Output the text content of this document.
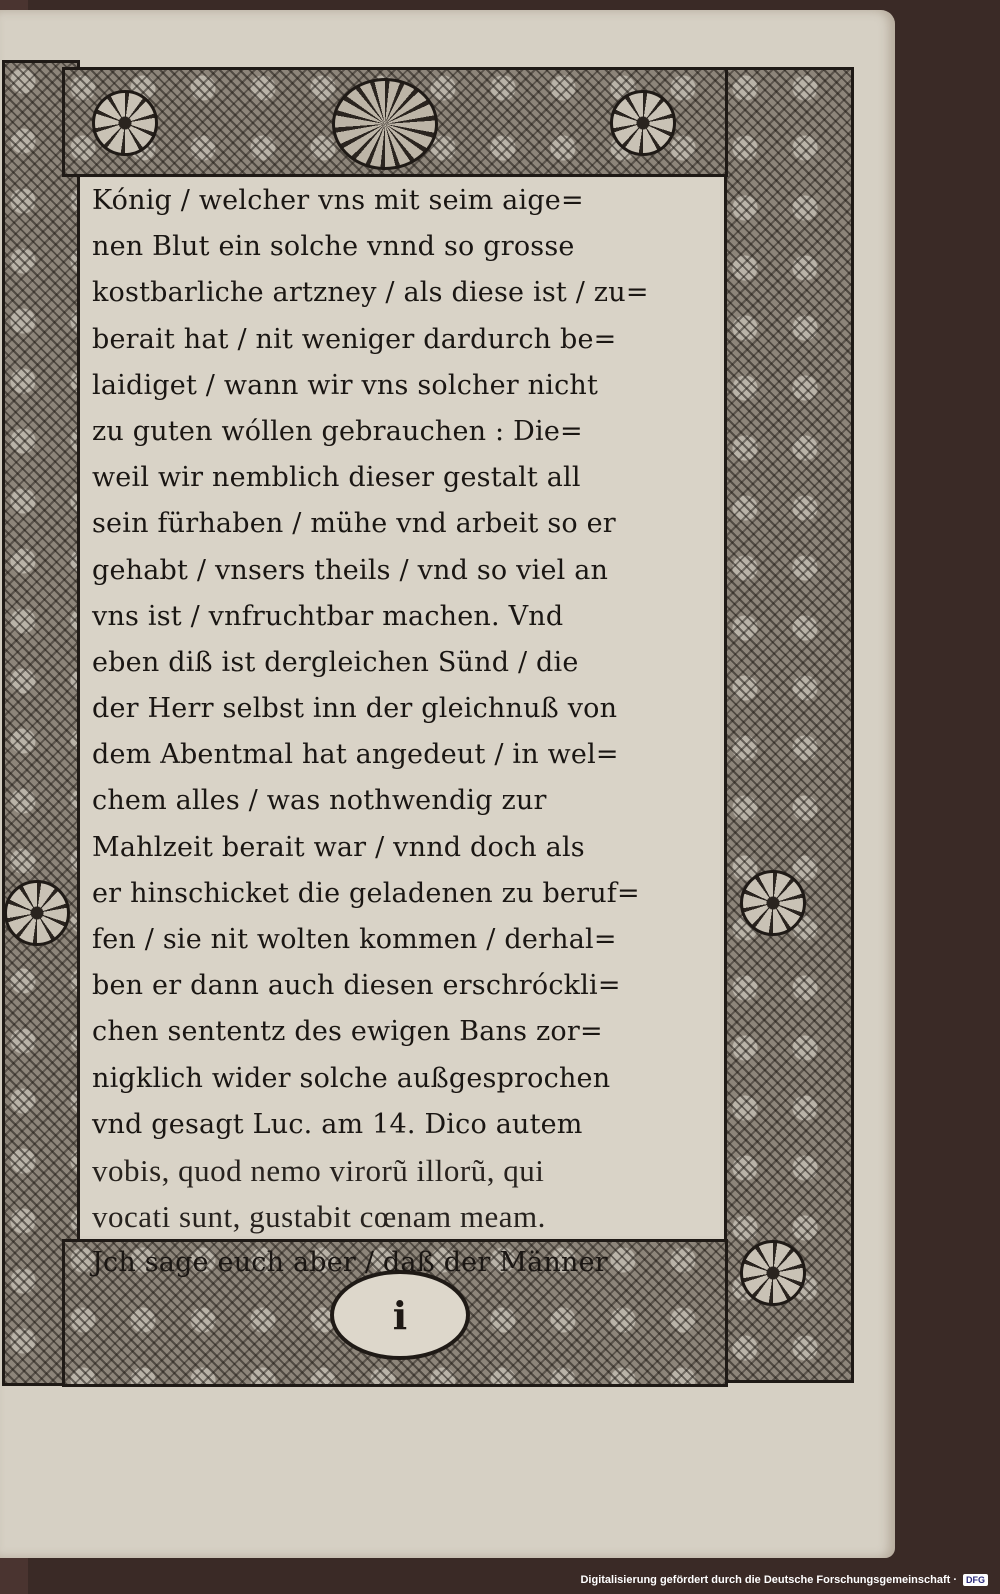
i
Kónig / welcher vns mit seim aige=
nen Blut ein solche vnnd so grosse
kostbarliche artzney / als diese ist / zu=
berait hat / nit weniger dardurch be=
laidiget / wann wir vns solcher nicht
zu guten wóllen gebrauchen : Die=
weil wir nemblich dieser gestalt all
sein fürhaben / mühe vnd arbeit so er
gehabt / vnsers theils / vnd so viel an
vns ist / vnfruchtbar machen. Vnd
eben diß ist dergleichen Sünd / die
der Herr selbst inn der gleichnuß von
dem Abentmal hat angedeut / in wel=
chem alles / was nothwendig zur
Mahlzeit berait war / vnnd doch als
er hinschicket die geladenen zu beruf=
fen / sie nit wolten kommen / derhal=
ben er dann auch diesen erschróckli=
chen sententz des ewigen Bans zor=
nigklich wider solche außgesprochen
vnd gesagt Luc. am 14. Dico autem
vobis, quod nemo virorũ illorũ, qui
vocati sunt, gustabit cœnam meam.
Jch sage euch aber / daß der Männer
Digitalisierung gefördert durch die Deutsche Forschungsgemeinschaft ·	DFG
